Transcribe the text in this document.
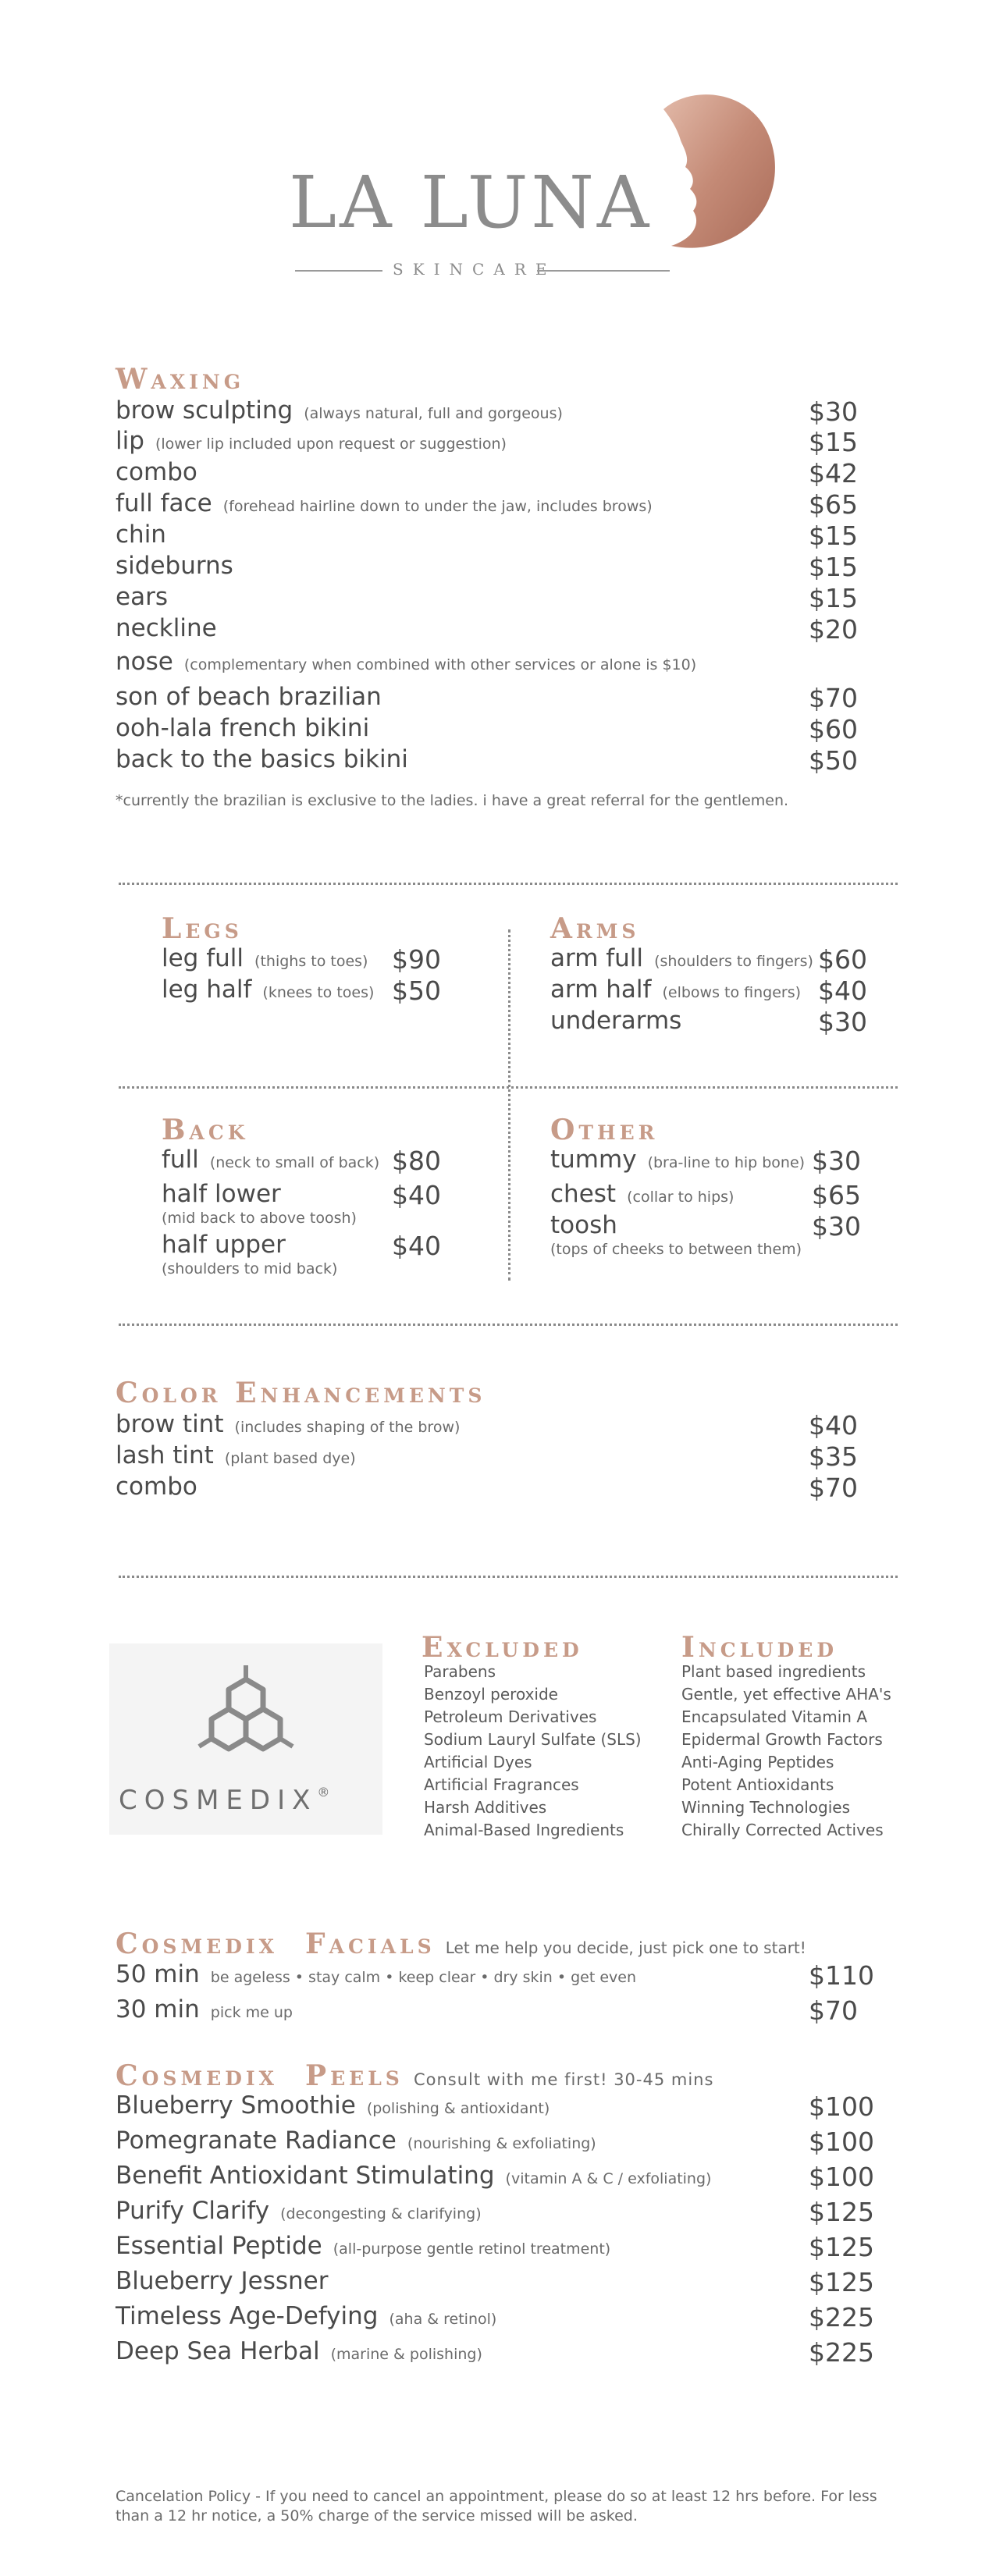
LA LUNA
SKINCARE
Waxing
brow sculpting (always natural, full and gorgeous)	$30
lip (lower lip included upon request or suggestion)	$15
combo	$42
full face (forehead hairline down to under the jaw, includes brows)	$65
chin	$15
sideburns	$15
ears	$15
neckline	$20
nose (complementary when combined with other services or alone is $10)
son of beach brazilian	$70
ooh-lala french bikini	$60
back to the basics bikini	$50
*currently the brazilian is exclusive to the ladies. i have a great referral for the gentlemen.
Legs	Arms
leg full (thighs to toes) $90
leg half (knees to toes) $50
arm full (shoulders to fingers) $60
arm half (elbows to fingers) $40
underarms	$30
Back	Other
full (neck to small of back) $80
half lower	$40
(mid back to above toosh)
half upper	$40
(shoulders to mid back)
tummy (bra-line to hip bone) $30
chest (collar to hips)	$65
toosh	$30
(tops of cheeks to between them)
Color Enhancements
brow tint (includes shaping of the brow)	$40
lash tint (plant based dye)	$35
combo	$70
COSMEDIX®
Excluded	Included
Parabens
Benzoyl peroxide
Petroleum Derivatives
Sodium Lauryl Sulfate (SLS)
Artificial Dyes
Artificial Fragrances
Harsh Additives
Animal-Based Ingredients
Plant based ingredients
Gentle, yet effective AHA's
Encapsulated Vitamin A
Epidermal Growth Factors
Anti-Aging Peptides
Potent Antioxidants
Winning Technologies
Chirally Corrected Actives
Cosmedix  Facials Let me help you decide, just pick one to start!
50 min be ageless • stay calm • keep clear • dry skin • get even	$110
30 min pick me up	$70
Cosmedix  Peels Consult with me first! 30-45 mins
Blueberry Smoothie (polishing & antioxidant)	$100
Pomegranate Radiance (nourishing & exfoliating)	$100
Benefit Antioxidant Stimulating (vitamin A & C / exfoliating)	$100
Purify Clarify (decongesting & clarifying)	$125
Essential Peptide (all-purpose gentle retinol treatment)	$125
Blueberry Jessner	$125
Timeless Age-Defying (aha & retinol)	$225
Deep Sea Herbal (marine & polishing)	$225
Cancelation Policy - If you need to cancel an appointment, please do so at least 12 hrs before. For less than a 12 hr notice, a 50% charge of the service missed will be asked.
